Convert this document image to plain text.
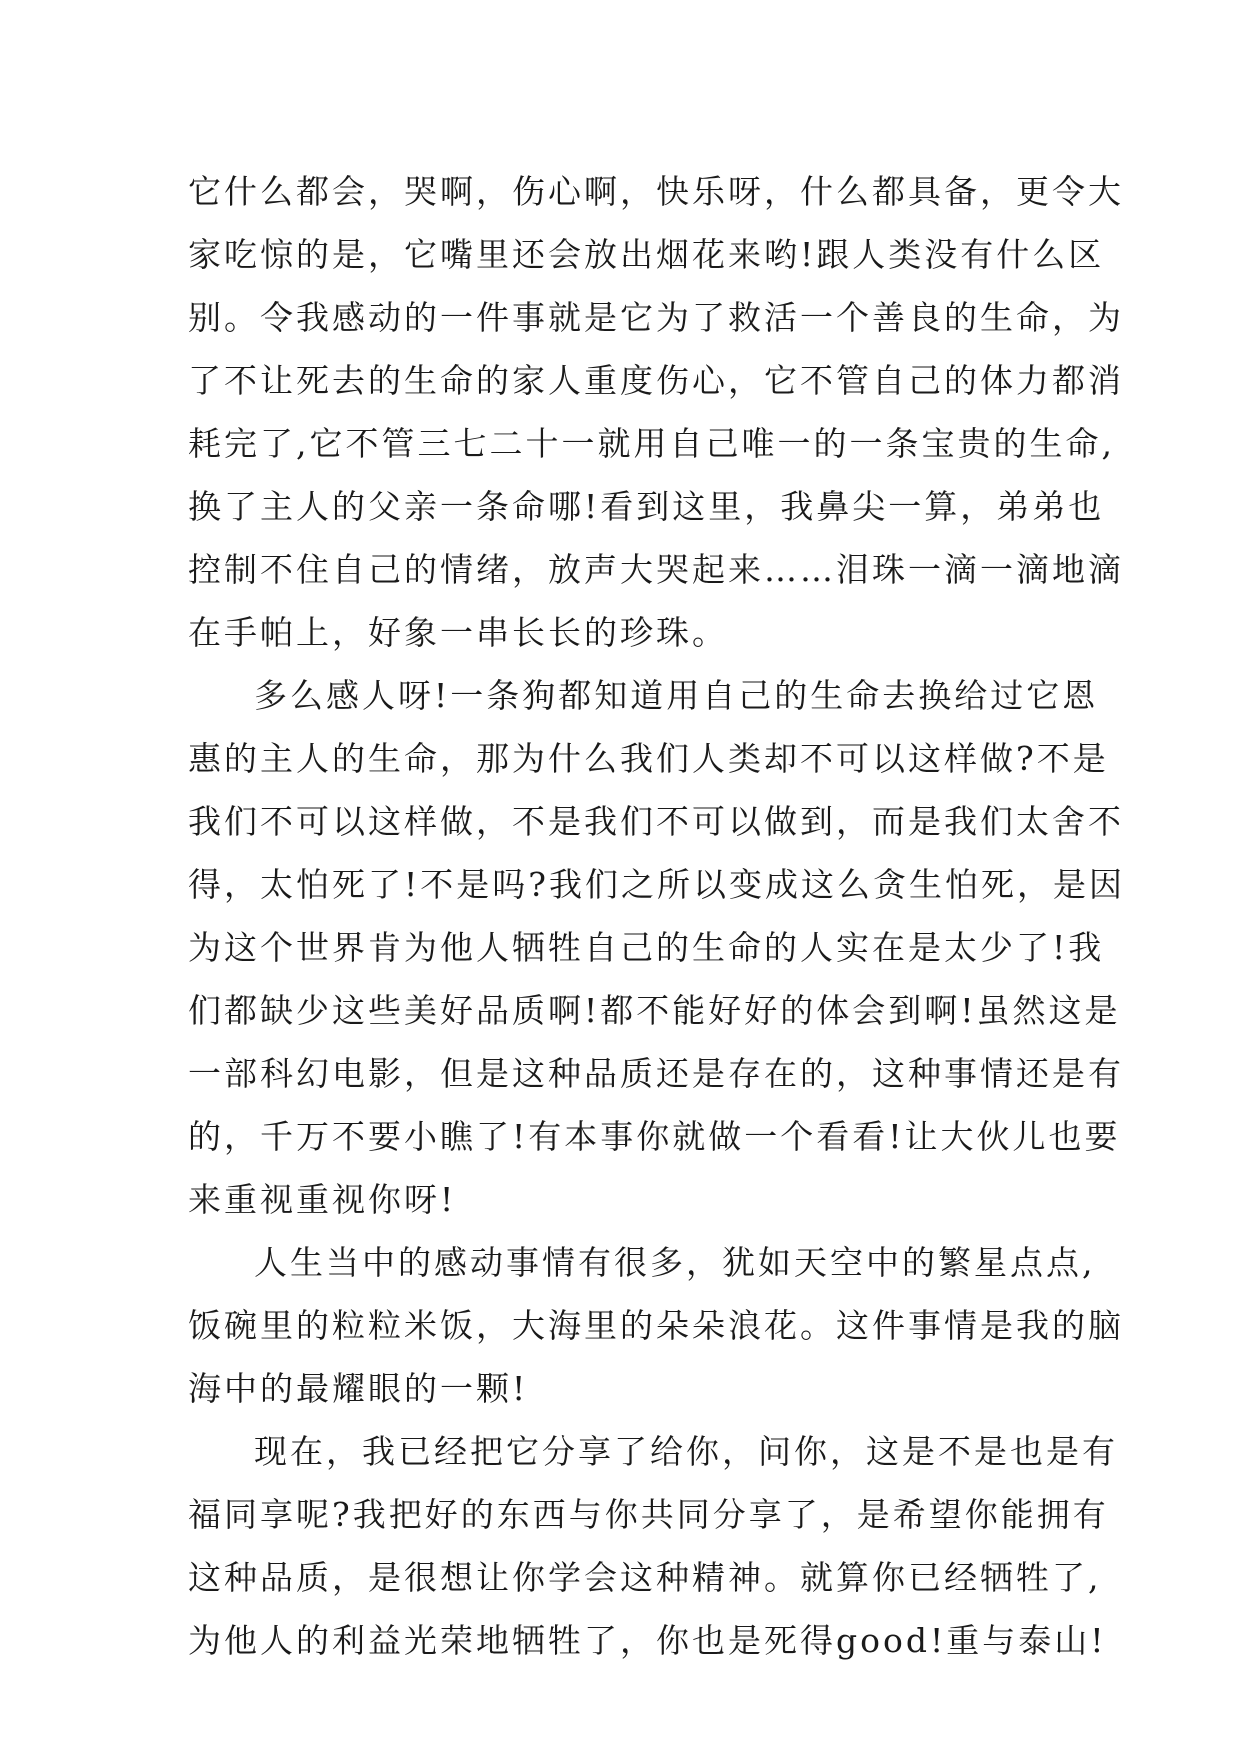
它什么都会，哭啊，伤心啊，快乐呀，什么都具备，更令大
家吃惊的是，它嘴里还会放出烟花来哟!跟人类没有什么区
别。令我感动的一件事就是它为了救活一个善良的生命，为
了不让死去的生命的家人重度伤心，它不管自己的体力都消
耗完了,它不管三七二十一就用自己唯一的一条宝贵的生命,
换了主人的父亲一条命哪!看到这里，我鼻尖一算，弟弟也
控制不住自己的情绪，放声大哭起来……泪珠一滴一滴地滴
在手帕上，好象一串长长的珍珠。
多么感人呀!一条狗都知道用自己的生命去换给过它恩
惠的主人的生命，那为什么我们人类却不可以这样做?不是
我们不可以这样做，不是我们不可以做到，而是我们太舍不
得，太怕死了!不是吗?我们之所以变成这么贪生怕死，是因
为这个世界肯为他人牺牲自己的生命的人实在是太少了!我
们都缺少这些美好品质啊!都不能好好的体会到啊!虽然这是
一部科幻电影，但是这种品质还是存在的，这种事情还是有
的，千万不要小瞧了!有本事你就做一个看看!让大伙儿也要
来重视重视你呀!
人生当中的感动事情有很多，犹如天空中的繁星点点,
饭碗里的粒粒米饭，大海里的朵朵浪花。这件事情是我的脑
海中的最耀眼的一颗!
现在，我已经把它分享了给你，问你，这是不是也是有
福同享呢?我把好的东西与你共同分享了，是希望你能拥有
这种品质，是很想让你学会这种精神。就算你已经牺牲了,
为他人的利益光荣地牺牲了，你也是死得good!重与泰山!
